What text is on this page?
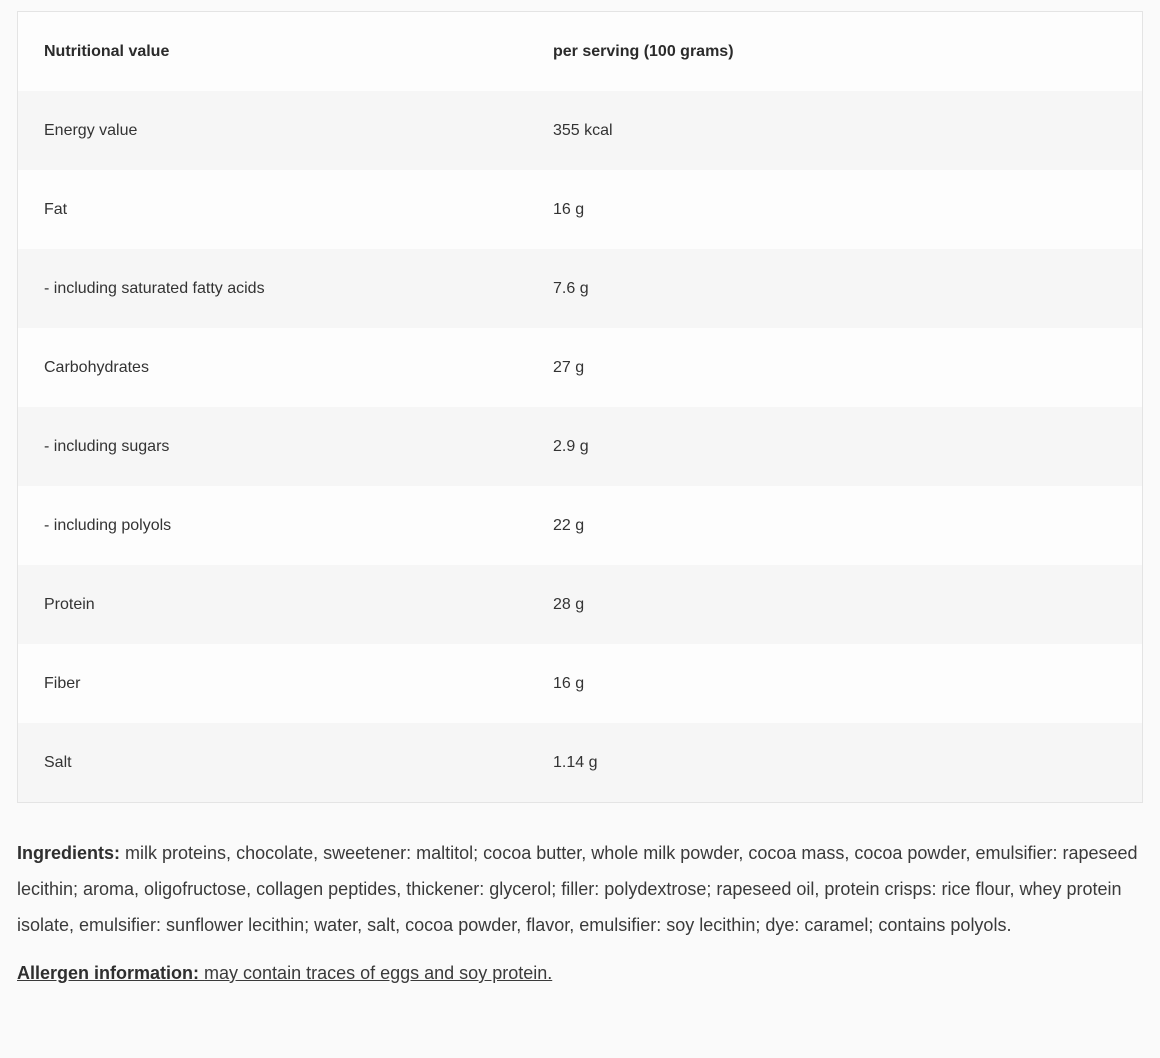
Nutritional value	per serving (100 grams)
Energy value	355 kcal
Fat	16 g
- including saturated fatty acids	7.6 g
Carbohydrates	27 g
- including sugars	2.9 g
- including polyols	22 g
Protein	28 g
Fiber	16 g
Salt	1.14 g

Ingredients: milk proteins, chocolate, sweetener: maltitol; cocoa butter, whole milk powder, cocoa mass, cocoa powder, emulsifier: rapeseed lecithin; aroma, oligofructose, collagen peptides, thickener: glycerol; filler: polydextrose; rapeseed oil, protein crisps: rice flour, whey protein isolate, emulsifier: sunflower lecithin; water, salt, cocoa powder, flavor, emulsifier: soy lecithin; dye: caramel; contains polyols.

Allergen information: may contain traces of eggs and soy protein.
